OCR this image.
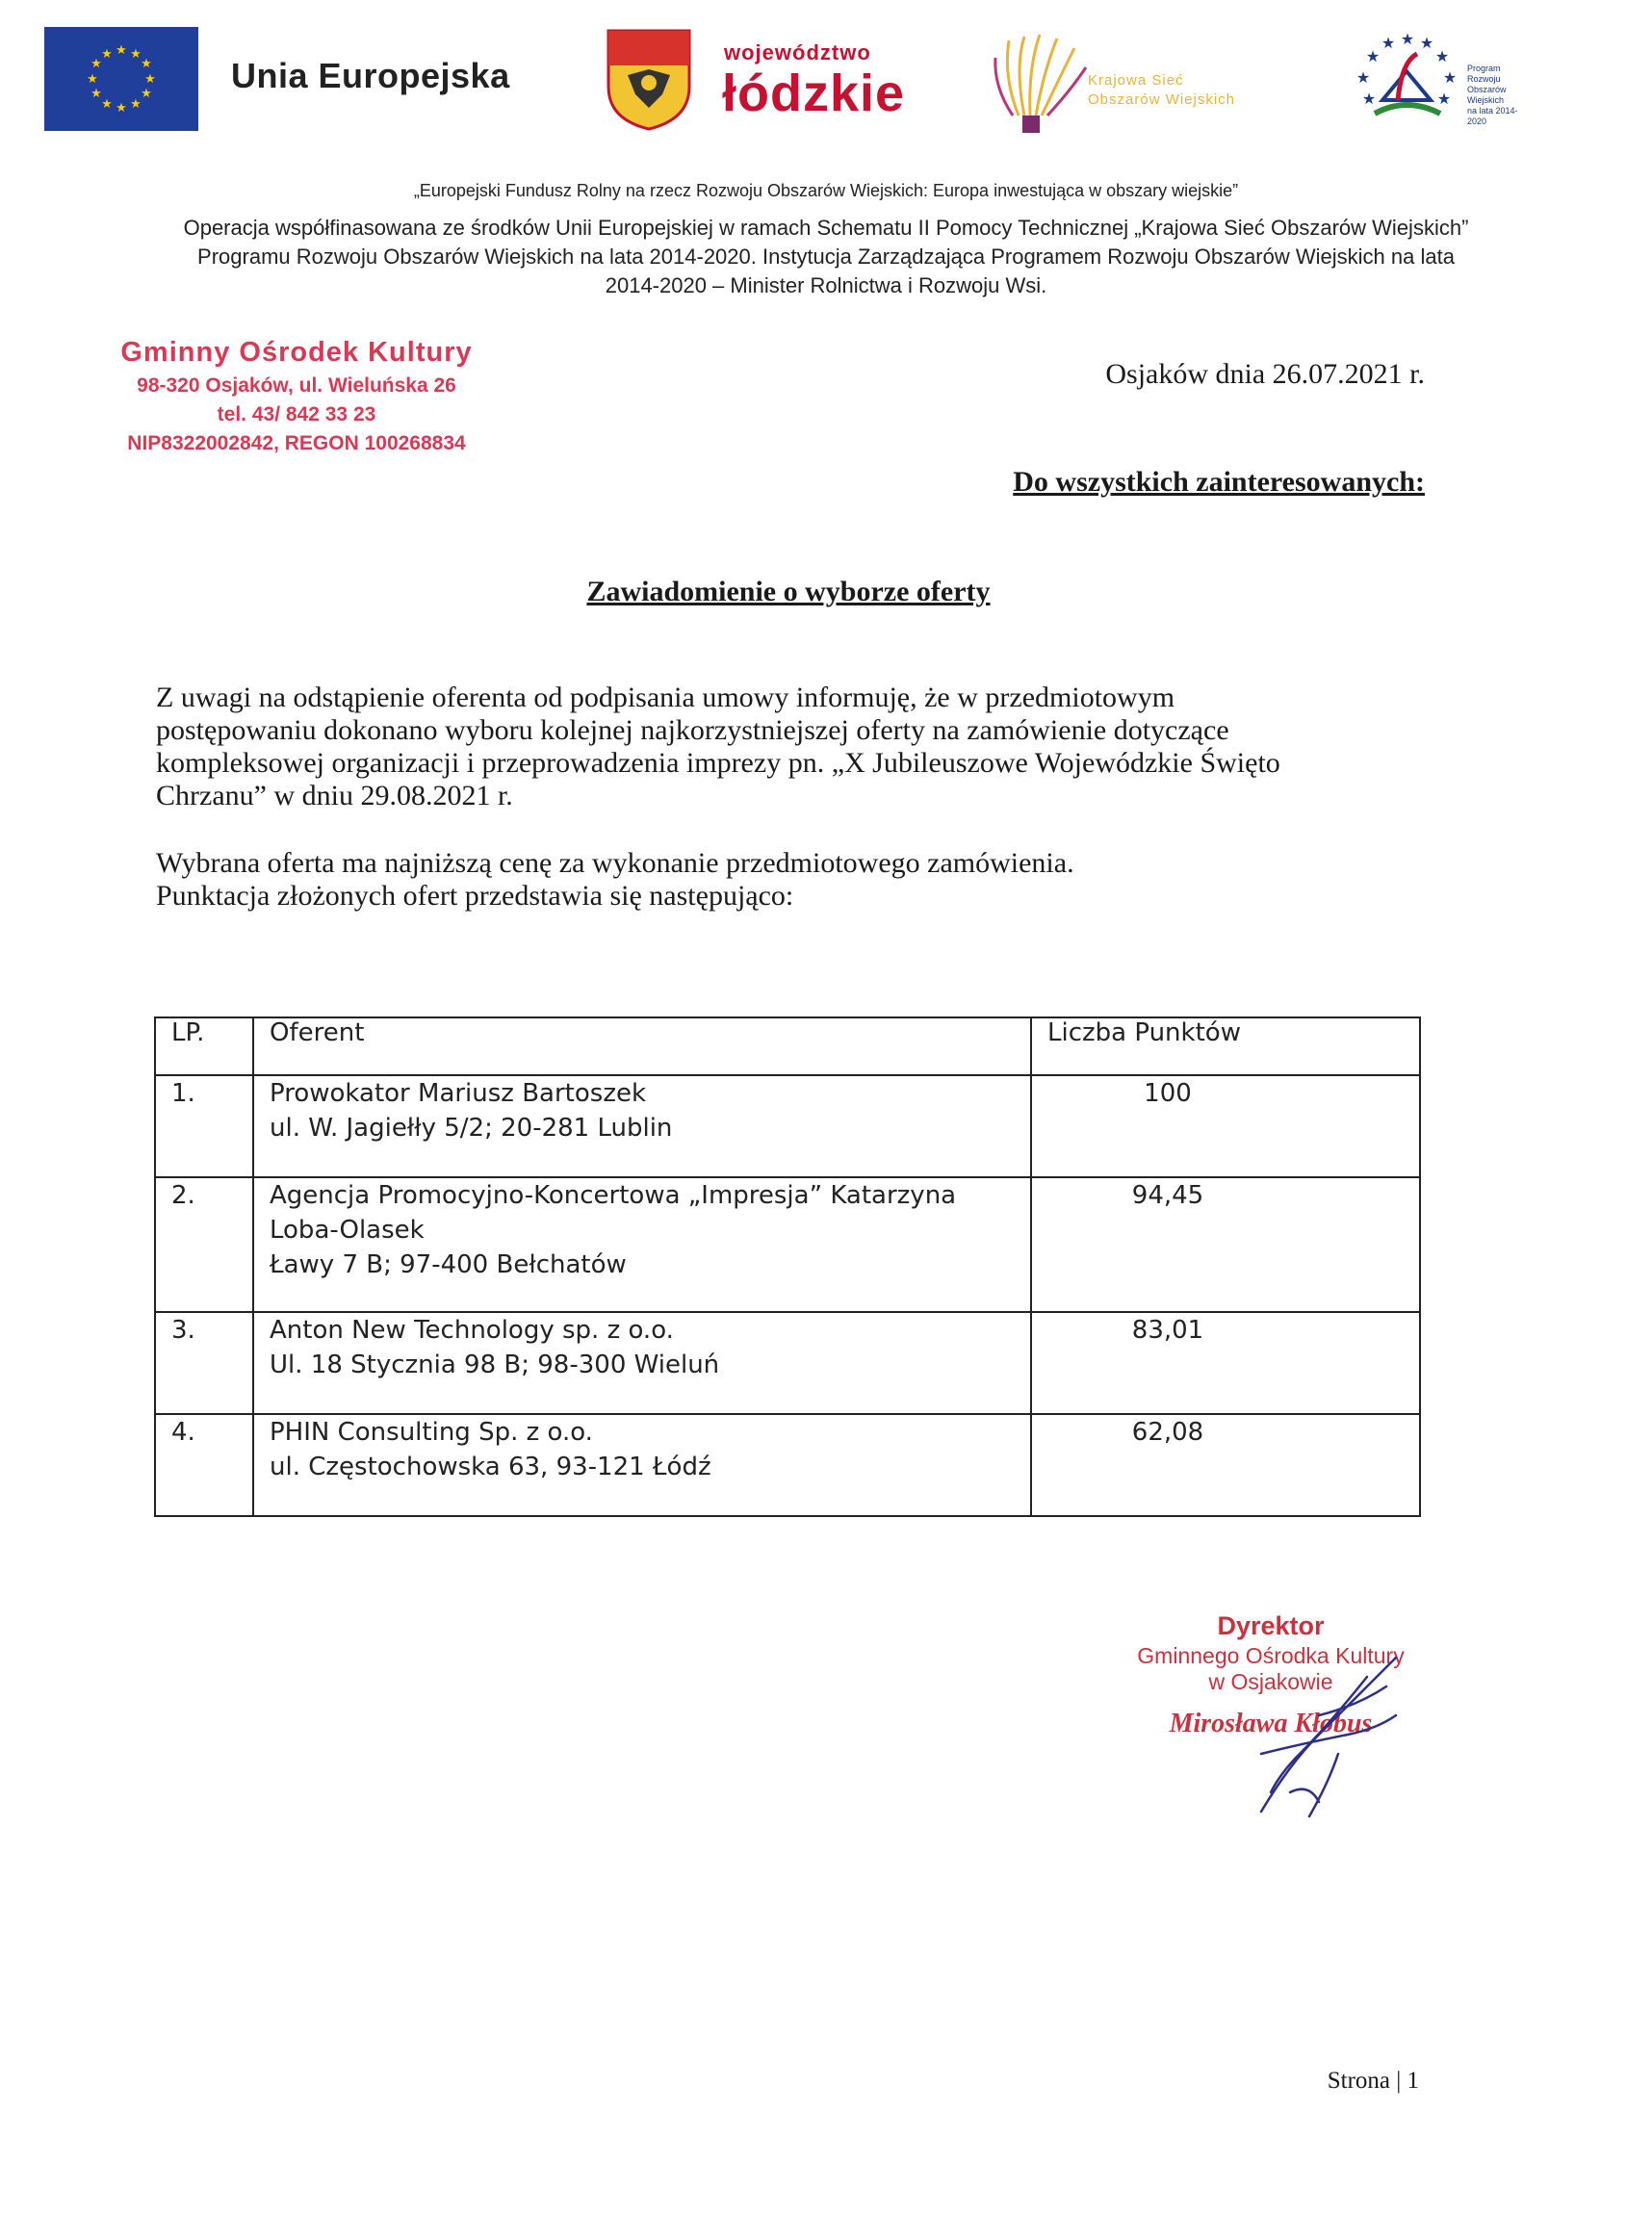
★ ★
★
★
★
★
★
★
★
★
★
★
Unia Europejska
województwo
łódzkie	Krajowa Sieć
Obszarów Wiejskich
★
★ ★ ★
★
★	★
★	★
Program
Rozwoju
Obszarów
Wiejskich
na lata 2014-2020
„Europejski Fundusz Rolny na rzecz Rozwoju Obszarów Wiejskich: Europa inwestująca w obszary wiejskie”
Operacja współfinasowana ze środków Unii Europejskiej w ramach Schematu II Pomocy Technicznej „Krajowa Sieć Obszarów Wiejskich”
Programu Rozwoju Obszarów Wiejskich na lata 2014-2020. Instytucja Zarządzająca Programem Rozwoju Obszarów Wiejskich na lata
2014-2020 – Minister Rolnictwa i Rozwoju Wsi.
Gminny Ośrodek Kultury
98-320 Osjaków, ul. Wieluńska 26
tel. 43/ 842 33 23
NIP8322002842, REGON 100268834
Osjaków dnia 26.07.2021 r.
Do wszystkich zainteresowanych:
Zawiadomienie o wyborze oferty
Z uwagi na odstąpienie oferenta od podpisania umowy informuję, że w przedmiotowym
postępowaniu dokonano wyboru kolejnej najkorzystniejszej oferty na zamówienie dotyczące
kompleksowej organizacji i przeprowadzenia imprezy pn. „X Jubileuszowe Wojewódzkie Święto
Chrzanu” w dniu 29.08.2021 r.
Wybrana oferta ma najniższą cenę za wykonanie przedmiotowego zamówienia.
Punktacja złożonych ofert przedstawia się następująco:
LP.	Oferent	Liczba Punktów

1.	Prowokator Mariusz Bartoszek
ul. W. Jagiełły 5/2; 20-281 Lublin	100

2.	Agencja Promocyjno-Koncertowa „Impresja” Katarzyna
Loba-Olasek
Ławy 7 B; 97-400 Bełchatów	94,45

3.	Anton New Technology sp. z o.o.
Ul. 18 Stycznia 98 B; 98-300 Wieluń	83,01

4.	PHIN Consulting Sp. z o.o.
ul. Częstochowska 63, 93-121 Łódź	62,08
Dyrektor
Gminnego Ośrodka Kultury
w Osjakowie
Mirosława Kłobus
Strona | 1
